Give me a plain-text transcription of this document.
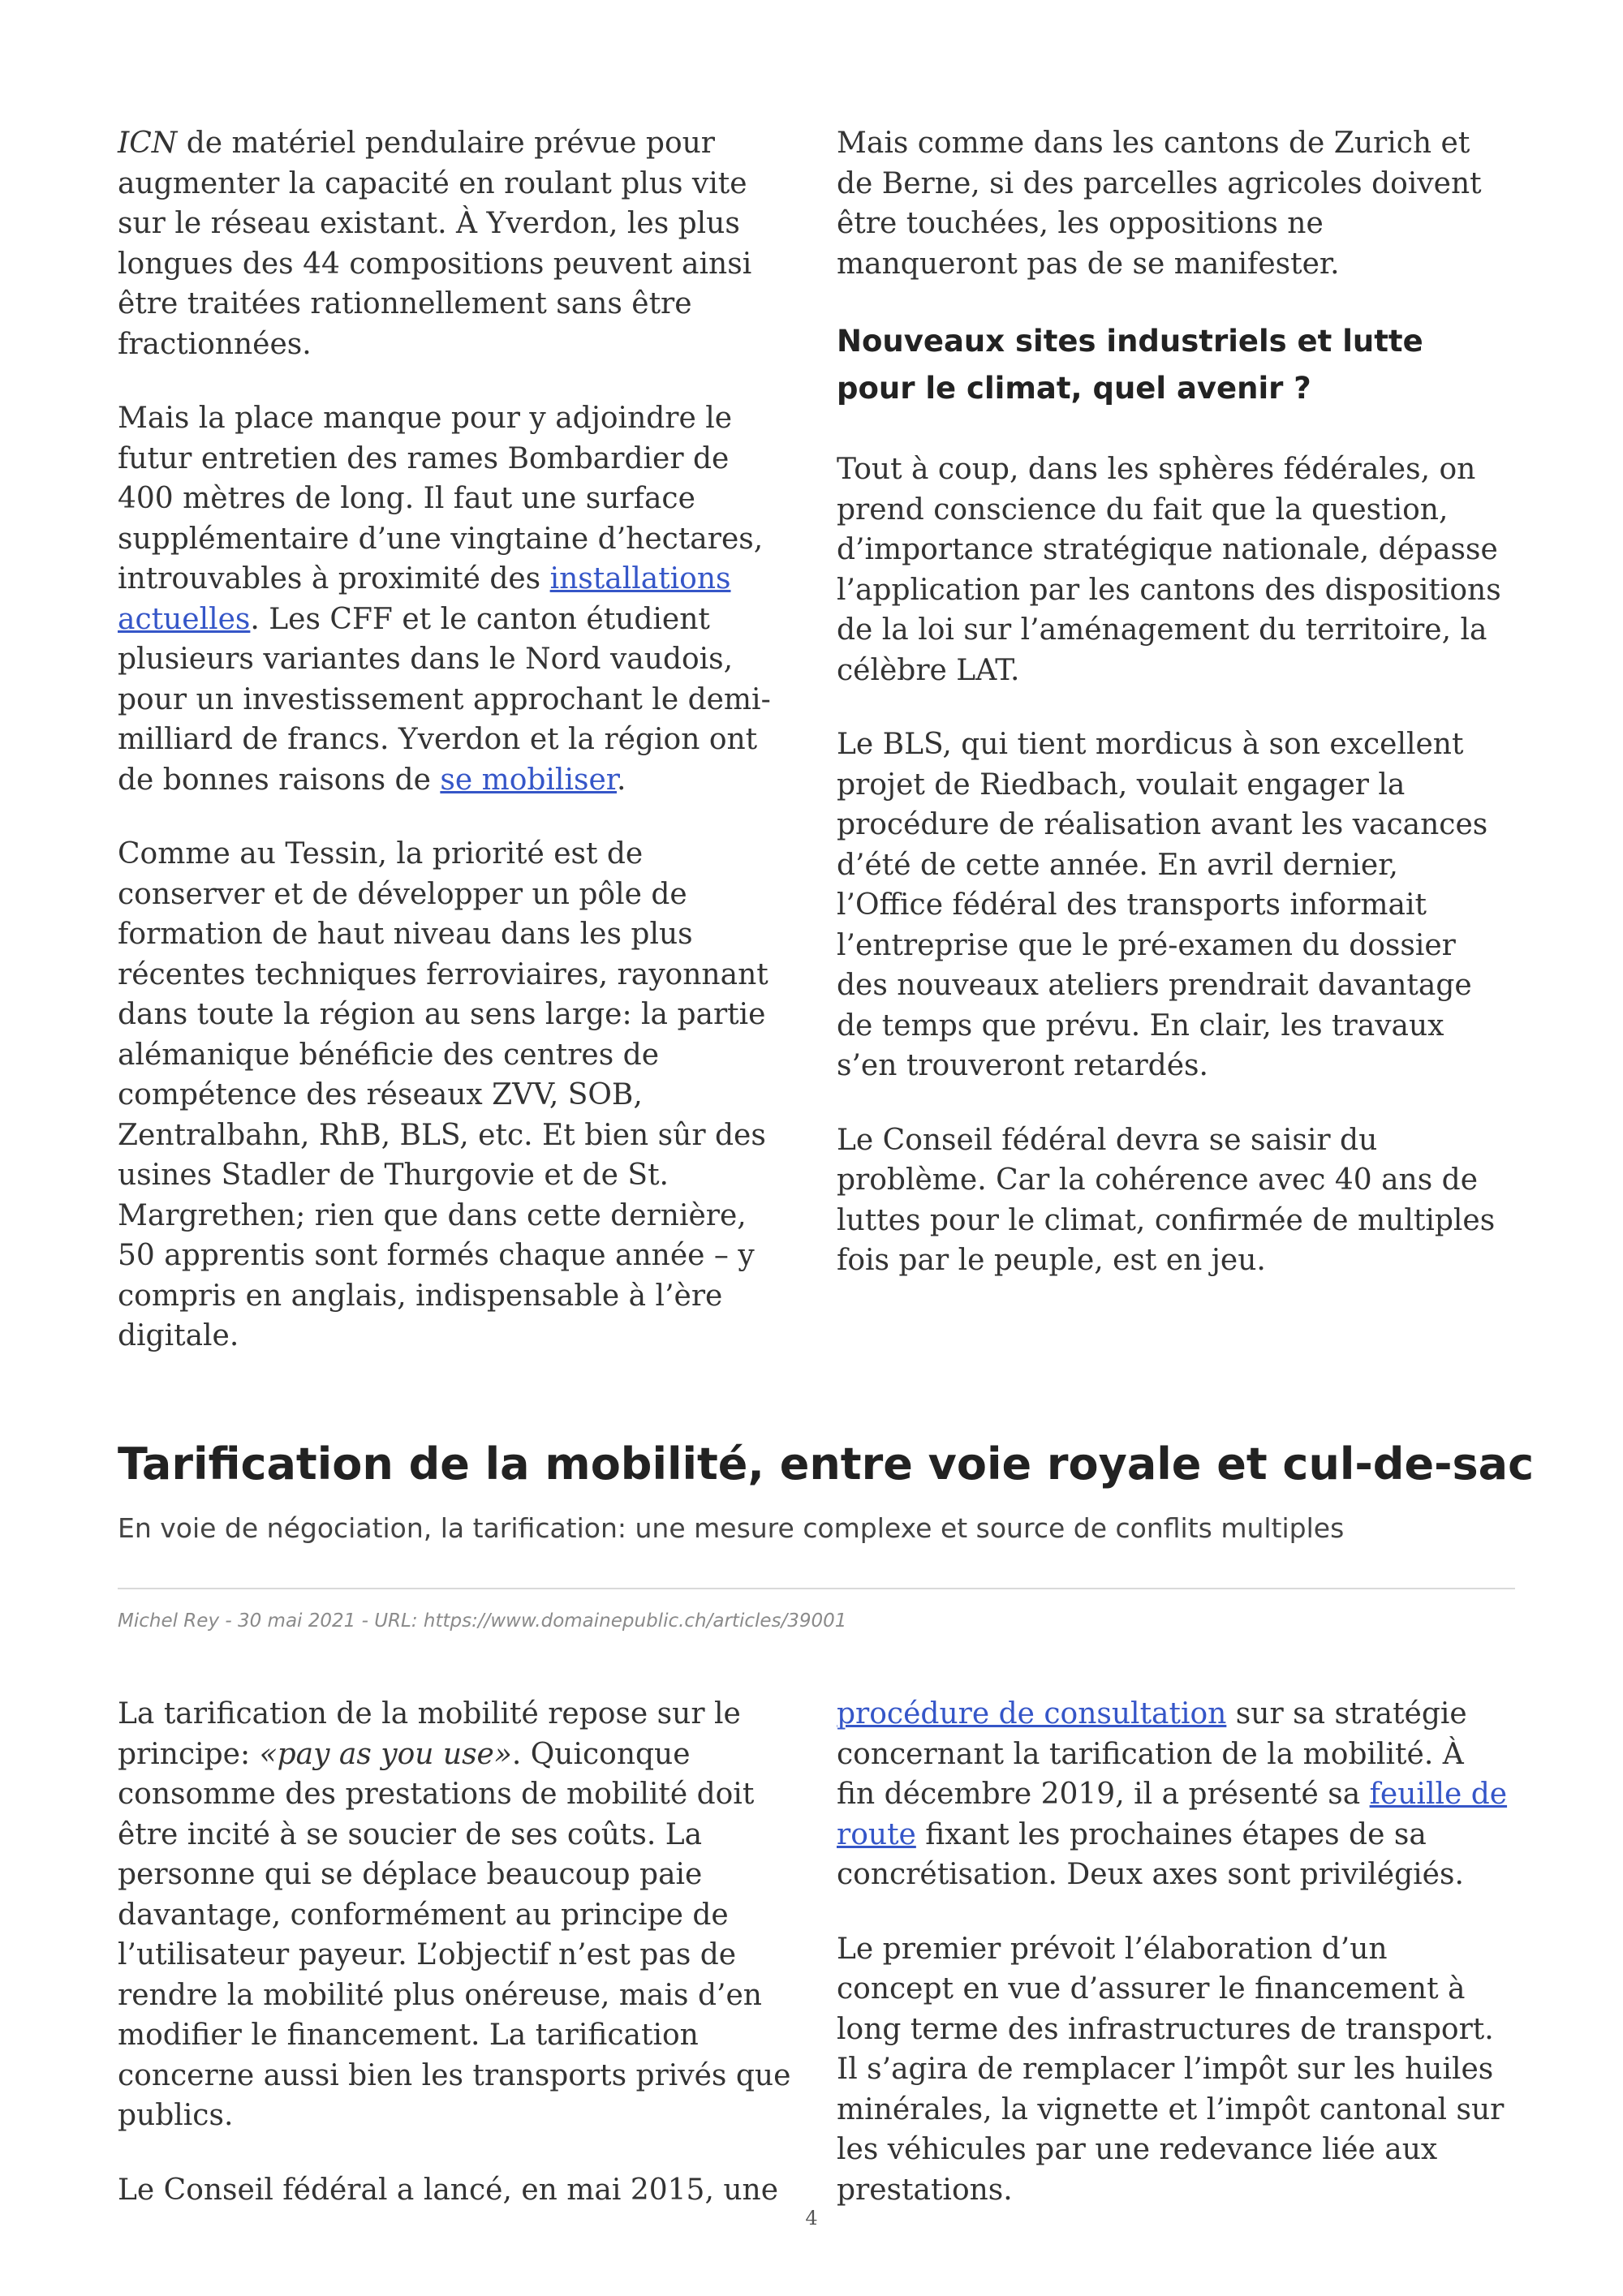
ICN de matériel pendulaire prévue pour augmenter la capacité en roulant plus vite sur le réseau existant. À Yverdon, les plus longues des 44 compositions peuvent ainsi être traitées rationnellement sans être fractionnées.

Mais la place manque pour y adjoindre le futur entretien des rames Bombardier de 400 mètres de long. Il faut une surface supplémentaire d’une vingtaine d’hectares, introuvables à proximité des installations actuelles. Les CFF et le canton étudient plusieurs variantes dans le Nord vaudois, pour un investissement approchant le demi-milliard de francs. Yverdon et la région ont de bonnes raisons de se mobiliser.

Comme au Tessin, la priorité est de conserver et de développer un pôle de formation de haut niveau dans les plus récentes techniques ferroviaires, rayonnant dans toute la région au sens large: la partie alémanique bénéficie des centres de compétence des réseaux ZVV, SOB, Zentralbahn, RhB, BLS, etc. Et bien sûr des usines Stadler de Thurgovie et de St. Margrethen; rien que dans cette dernière, 50 apprentis sont formés chaque année – y compris en anglais, indispensable à l’ère digitale.

Mais comme dans les cantons de Zurich et de Berne, si des parcelles agricoles doivent être touchées, les oppositions ne manqueront pas de se manifester.

Nouveaux sites industriels et lutte pour le climat, quel avenir ?

Tout à coup, dans les sphères fédérales, on prend conscience du fait que la question, d’importance stratégique nationale, dépasse l’application par les cantons des dispositions de la loi sur l’aménagement du territoire, la célèbre LAT.

Le BLS, qui tient mordicus à son excellent projet de Riedbach, voulait engager la procédure de réalisation avant les vacances d’été de cette année. En avril dernier, l’Office fédéral des transports informait l’entreprise que le pré-examen du dossier des nouveaux ateliers prendrait davantage de temps que prévu. En clair, les travaux s’en trouveront retardés.

Le Conseil fédéral devra se saisir du problème. Car la cohérence avec 40 ans de luttes pour le climat, confirmée de multiples fois par le peuple, est en jeu.

Tarification de la mobilité, entre voie royale et cul-de-sac
En voie de négociation, la tarification: une mesure complexe et source de conflits multiples
Michel Rey - 30 mai 2021 - URL: https://www.domainepublic.ch/articles/39001

La tarification de la mobilité repose sur le principe: «pay as you use». Quiconque consomme des prestations de mobilité doit être incité à se soucier de ses coûts. La personne qui se déplace beaucoup paie davantage, conformément au principe de l’utilisateur payeur. L’objectif n’est pas de rendre la mobilité plus onéreuse, mais d’en modifier le financement. La tarification concerne aussi bien les transports privés que publics.

Le Conseil fédéral a lancé, en mai 2015, une

procédure de consultation sur sa stratégie concernant la tarification de la mobilité. À fin décembre 2019, il a présenté sa feuille de route fixant les prochaines étapes de sa concrétisation. Deux axes sont privilégiés.

Le premier prévoit l’élaboration d’un concept en vue d’assurer le financement à long terme des infrastructures de transport. Il s’agira de remplacer l’impôt sur les huiles minérales, la vignette et l’impôt cantonal sur les véhicules par une redevance liée aux prestations.

4
